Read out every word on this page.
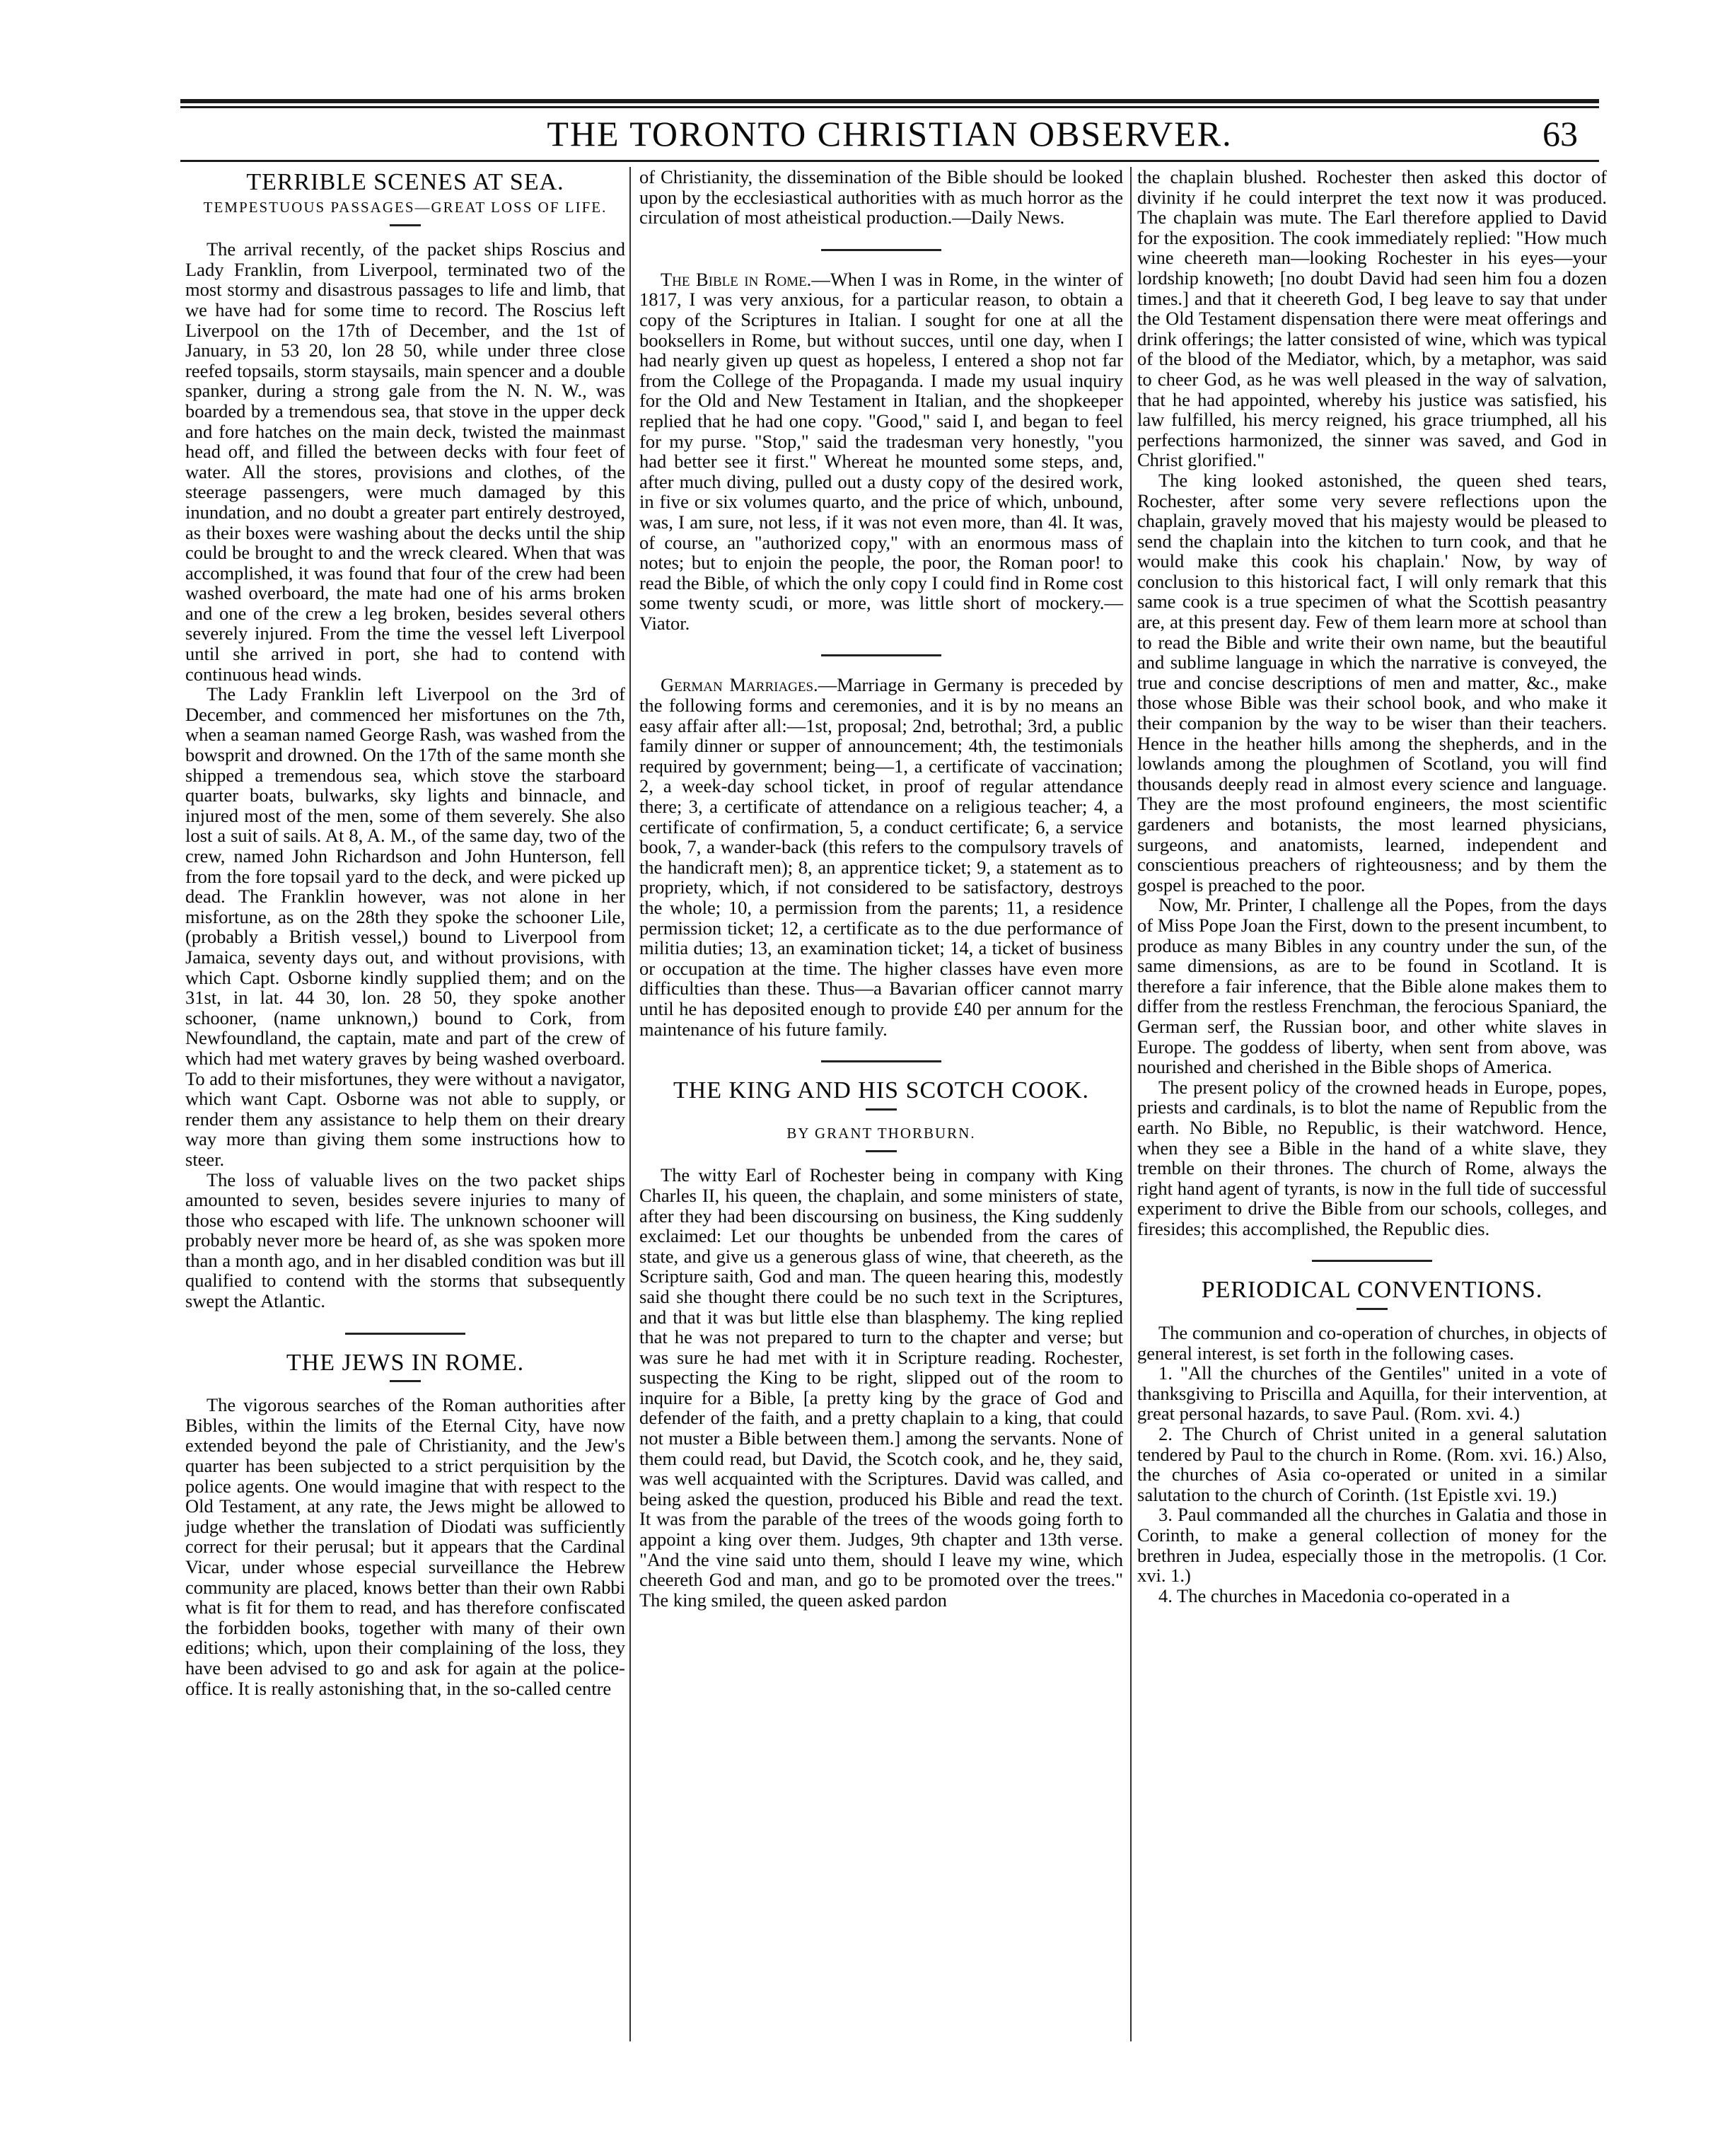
THE TORONTO CHRISTIAN OBSERVER.	63
TERRIBLE SCENES AT SEA.
TEMPESTUOUS PASSAGES—GREAT LOSS OF LIFE.

The arrival recently, of the packet ships Roscius and Lady Franklin, from Liverpool, terminated two of the most stormy and disastrous passages to life and limb, that we have had for some time to record. The Roscius left Liverpool on the 17th of December, and the 1st of January, in 53 20, lon 28 50, while under three close reefed topsails, storm staysails, main spencer and a double spanker, during a strong gale from the N. N. W., was boarded by a tremendous sea, that stove in the upper deck and fore hatches on the main deck, twisted the mainmast head off, and filled the between decks with four feet of water. All the stores, provisions and clothes, of the steerage passengers, were much damaged by this inundation, and no doubt a greater part entirely destroyed, as their boxes were washing about the decks until the ship could be brought to and the wreck cleared. When that was accomplished, it was found that four of the crew had been washed overboard, the mate had one of his arms broken and one of the crew a leg broken, besides several others severely injured. From the time the vessel left Liverpool until she arrived in port, she had to contend with continuous head winds.

The Lady Franklin left Liverpool on the 3rd of December, and commenced her misfortunes on the 7th, when a seaman named George Rash, was washed from the bowsprit and drowned. On the 17th of the same month she shipped a tremendous sea, which stove the starboard quarter boats, bulwarks, sky lights and binnacle, and injured most of the men, some of them severely. She also lost a suit of sails. At 8, A. M., of the same day, two of the crew, named John Richardson and John Hunterson, fell from the fore topsail yard to the deck, and were picked up dead. The Franklin however, was not alone in her misfortune, as on the 28th they spoke the schooner Lile, (probably a British vessel,) bound to Liverpool from Jamaica, seventy days out, and without provisions, with which Capt. Osborne kindly supplied them; and on the 31st, in lat. 44 30, lon. 28 50, they spoke another schooner, (name unknown,) bound to Cork, from Newfoundland, the captain, mate and part of the crew of which had met watery graves by being washed overboard. To add to their misfortunes, they were without a navigator, which want Capt. Osborne was not able to supply, or render them any assistance to help them on their dreary way more than giving them some instructions how to steer.

The loss of valuable lives on the two packet ships amounted to seven, besides severe injuries to many of those who escaped with life. The unknown schooner will probably never more be heard of, as she was spoken more than a month ago, and in her disabled condition was but ill qualified to contend with the storms that subsequently swept the Atlantic.

THE JEWS IN ROME.

The vigorous searches of the Roman authorities after Bibles, within the limits of the Eternal City, have now extended beyond the pale of Christianity, and the Jew's quarter has been subjected to a strict perquisition by the police agents. One would imagine that with respect to the Old Testament, at any rate, the Jews might be allowed to judge whether the translation of Diodati was sufficiently correct for their perusal; but it appears that the Cardinal Vicar, under whose especial surveillance the Hebrew community are placed, knows better than their own Rabbi what is fit for them to read, and has therefore confiscated the forbidden books, together with many of their own editions; which, upon their complaining of the loss, they have been advised to go and ask for again at the police-office. It is really astonishing that, in the so-called centre

of Christianity, the dissemination of the Bible should be looked upon by the ecclesiastical authorities with as much horror as the circulation of most atheistical production.—Daily News.

The Bible in Rome.—When I was in Rome, in the winter of 1817, I was very anxious, for a particular reason, to obtain a copy of the Scriptures in Italian. I sought for one at all the booksellers in Rome, but without succes, until one day, when I had nearly given up quest as hopeless, I entered a shop not far from the College of the Propaganda. I made my usual inquiry for the Old and New Testament in Italian, and the shopkeeper replied that he had one copy. "Good," said I, and began to feel for my purse. "Stop," said the tradesman very honestly, "you had better see it first." Whereat he mounted some steps, and, after much diving, pulled out a dusty copy of the desired work, in five or six volumes quarto, and the price of which, unbound, was, I am sure, not less, if it was not even more, than 4l. It was, of course, an "authorized copy," with an enormous mass of notes; but to enjoin the people, the poor, the Roman poor! to read the Bible, of which the only copy I could find in Rome cost some twenty scudi, or more, was little short of mockery.—Viator.

German Marriages.—Marriage in Germany is preceded by the following forms and ceremonies, and it is by no means an easy affair after all:—1st, proposal; 2nd, betrothal; 3rd, a public family dinner or supper of announcement; 4th, the testimonials required by government; being—1, a certificate of vaccination; 2, a week-day school ticket, in proof of regular attendance there; 3, a certificate of attendance on a religious teacher; 4, a certificate of confirmation, 5, a conduct certificate; 6, a service book, 7, a wander-back (this refers to the compulsory travels of the handicraft men); 8, an apprentice ticket; 9, a statement as to propriety, which, if not considered to be satisfactory, destroys the whole; 10, a permission from the parents; 11, a residence permission ticket; 12, a certificate as to the due performance of militia duties; 13, an examination ticket; 14, a ticket of business or occupation at the time. The higher classes have even more difficulties than these. Thus—a Bavarian officer cannot marry until he has deposited enough to provide £40 per annum for the maintenance of his future family.

THE KING AND HIS SCOTCH COOK.
BY GRANT THORBURN.

The witty Earl of Rochester being in company with King Charles II, his queen, the chaplain, and some ministers of state, after they had been discoursing on business, the King suddenly exclaimed: Let our thoughts be unbended from the cares of state, and give us a generous glass of wine, that cheereth, as the Scripture saith, God and man. The queen hearing this, modestly said she thought there could be no such text in the Scriptures, and that it was but little else than blasphemy. The king replied that he was not prepared to turn to the chapter and verse; but was sure he had met with it in Scripture reading. Rochester, suspecting the King to be right, slipped out of the room to inquire for a Bible, [a pretty king by the grace of God and defender of the faith, and a pretty chaplain to a king, that could not muster a Bible between them.] among the servants. None of them could read, but David, the Scotch cook, and he, they said, was well acquainted with the Scriptures. David was called, and being asked the question, produced his Bible and read the text. It was from the parable of the trees of the woods going forth to appoint a king over them. Judges, 9th chapter and 13th verse. "And the vine said unto them, should I leave my wine, which cheereth God and man, and go to be promoted over the trees." The king smiled, the queen asked pardon

the chaplain blushed. Rochester then asked this doctor of divinity if he could interpret the text now it was produced. The chaplain was mute. The Earl therefore applied to David for the exposition. The cook immediately replied: "How much wine cheereth man—looking Rochester in his eyes—your lordship knoweth; [no doubt David had seen him fou a dozen times.] and that it cheereth God, I beg leave to say that under the Old Testament dispensation there were meat offerings and drink offerings; the latter consisted of wine, which was typical of the blood of the Mediator, which, by a metaphor, was said to cheer God, as he was well pleased in the way of salvation, that he had appointed, whereby his justice was satisfied, his law fulfilled, his mercy reigned, his grace triumphed, all his perfections harmonized, the sinner was saved, and God in Christ glorified."

The king looked astonished, the queen shed tears, Rochester, after some very severe reflections upon the chaplain, gravely moved that his majesty would be pleased to send the chaplain into the kitchen to turn cook, and that he would make this cook his chaplain.' Now, by way of conclusion to this historical fact, I will only remark that this same cook is a true specimen of what the Scottish peasantry are, at this present day. Few of them learn more at school than to read the Bible and write their own name, but the beautiful and sublime language in which the narrative is conveyed, the true and concise descriptions of men and matter, &c., make those whose Bible was their school book, and who make it their companion by the way to be wiser than their teachers. Hence in the heather hills among the shepherds, and in the lowlands among the ploughmen of Scotland, you will find thousands deeply read in almost every science and language. They are the most profound engineers, the most scientific gardeners and botanists, the most learned physicians, surgeons, and anatomists, learned, independent and conscientious preachers of righteousness; and by them the gospel is preached to the poor.

Now, Mr. Printer, I challenge all the Popes, from the days of Miss Pope Joan the First, down to the present incumbent, to produce as many Bibles in any country under the sun, of the same dimensions, as are to be found in Scotland. It is therefore a fair inference, that the Bible alone makes them to differ from the restless Frenchman, the ferocious Spaniard, the German serf, the Russian boor, and other white slaves in Europe. The goddess of liberty, when sent from above, was nourished and cherished in the Bible shops of America.

The present policy of the crowned heads in Europe, popes, priests and cardinals, is to blot the name of Republic from the earth. No Bible, no Republic, is their watchword. Hence, when they see a Bible in the hand of a white slave, they tremble on their thrones. The church of Rome, always the right hand agent of tyrants, is now in the full tide of successful experiment to drive the Bible from our schools, colleges, and firesides; this accomplished, the Republic dies.

PERIODICAL CONVENTIONS.

The communion and co-operation of churches, in objects of general interest, is set forth in the following cases.

1. "All the churches of the Gentiles" united in a vote of thanksgiving to Priscilla and Aquilla, for their intervention, at great personal hazards, to save Paul. (Rom. xvi. 4.)

2. The Church of Christ united in a general salutation tendered by Paul to the church in Rome. (Rom. xvi. 16.) Also, the churches of Asia co-operated or united in a similar salutation to the church of Corinth. (1st Epistle xvi. 19.)

3. Paul commanded all the churches in Galatia and those in Corinth, to make a general collection of money for the brethren in Judea, especially those in the metropolis. (1 Cor. xvi. 1.)

4. The churches in Macedonia co-operated in a
